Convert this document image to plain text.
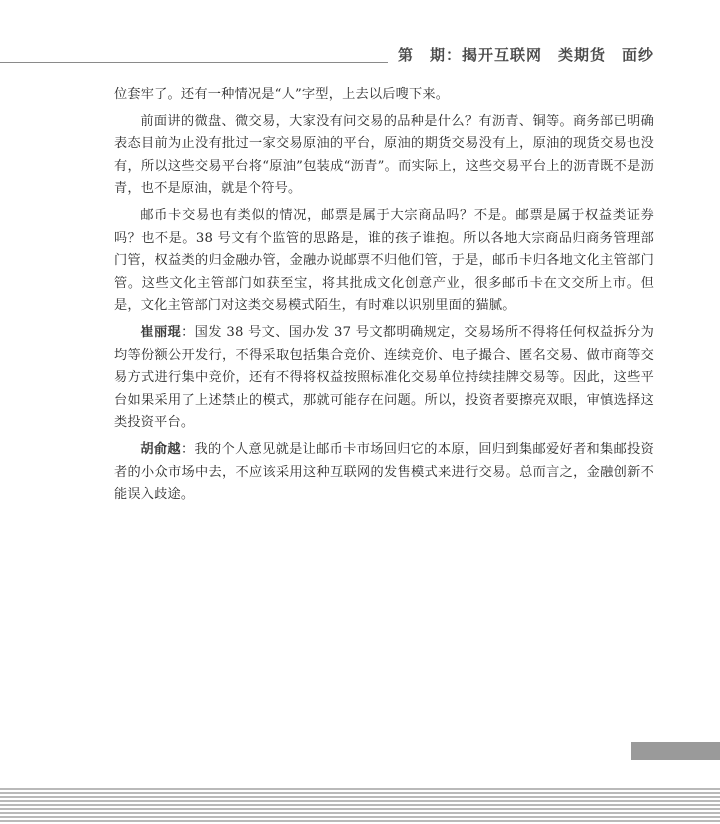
第　期：揭开互联网　类期货　面纱

位套牢了。还有一种情况是“人”字型，上去以后嗖下来。

前面讲的微盘、微交易，大家没有问交易的品种是什么？有沥青、铜等。商务部已明确表态目前为止没有批过一家交易原油的平台，原油的期货交易没有上，原油的现货交易也没有，所以这些交易平台将“原油”包装成“沥青”。而实际上，这些交易平台上的沥青既不是沥青，也不是原油，就是个符号。

邮币卡交易也有类似的情况，邮票是属于大宗商品吗？不是。邮票是属于权益类证券吗？也不是。38 号文有个监管的思路是，谁的孩子谁抱。所以各地大宗商品归商务管理部门管，权益类的归金融办管，金融办说邮票不归他们管，于是，邮币卡归各地文化主管部门管。这些文化主管部门如获至宝，将其批成文化创意产业，很多邮币卡在文交所上市。但是，文化主管部门对这类交易模式陌生，有时难以识别里面的猫腻。

崔丽琨：国发 38 号文、国办发 37 号文都明确规定，交易场所不得将任何权益拆分为均等份额公开发行，不得采取包括集合竞价、连续竞价、电子撮合、匿名交易、做市商等交易方式进行集中竞价，还有不得将权益按照标准化交易单位持续挂牌交易等。因此，这些平台如果采用了上述禁止的模式，那就可能存在问题。所以，投资者要擦亮双眼，审慎选择这类投资平台。

胡俞越：我的个人意见就是让邮币卡市场回归它的本原，回归到集邮爱好者和集邮投资者的小众市场中去，不应该采用这种互联网的发售模式来进行交易。总而言之，金融创新不能误入歧途。
